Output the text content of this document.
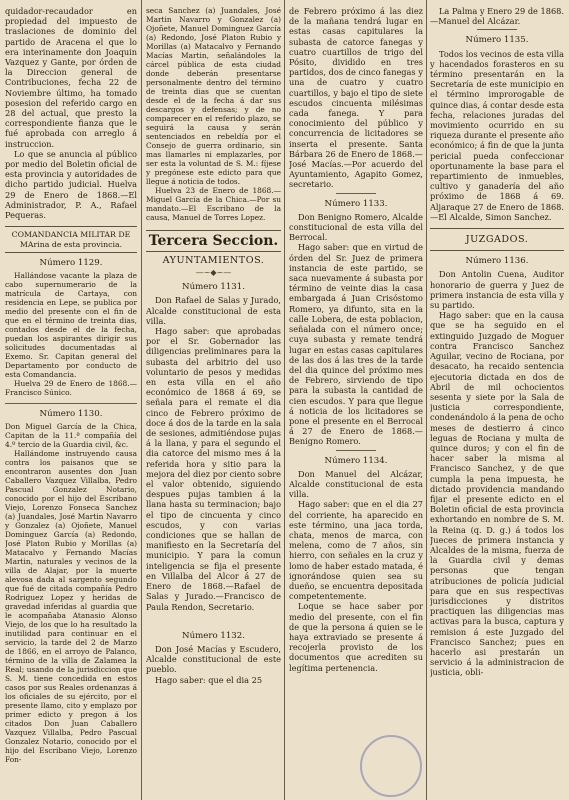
quidador-recaudador en propiedad del impuesto de traslaciones de dominio del partido de Aracena el que lo era interinamente don Joaquin Vazquez y Gante, por órden de la Direccion general de Contribuciones, fecha 22 de Noviembre último, ha tomado posesion del referido cargo en 28 del actual, que presto la correspondiente fianza que le fué aprobada con arreglo á instruccion.

Lo que se anuncia al público por medio del Boletin oficial de esta provincia y autoridades de dicho partido judicial. Huelva 29 de Enero de 1868.—El Administrador, P. A., Rafael Pequeras.

COMANDANCIA MILITAR DE MArina de esta provincia.

Número 1129.

Hallándose vacante la plaza de cabo supernumerario de la matrícula de Cartaya, con residencia en Lepe, se publica por medio del presente con el fin de que en el término de treinta dias, contados desde el de la fecha, puedan los aspirantes dirigir sus solicitudes documentadas al Exemo. Sr. Capitan general del Departamento por conducto de esta Comandancia.

Huelva 29 de Enero de 1868.—Francisco Súnico.

Número 1130.

Don Miguel García de la Chica, Capitan de la 11.ª compañía del 4.º tercio de la Guardia civil, &c.

Hallándome instruyendo causa contra los paisanos que se encontraron ausentes don Juan Caballero Vazquez Villalba, Pedro Pascual Gonzalez Notario, conocido por el hijo del Escribano Viejo, Lorenzo Fonseca Sanchez (a) Juandales, José Martin Navarro y Gonzalez (a) Ojoñete, Manuel Dominguez García (a) Redondo, José Platon Rubio y Morillas (a) Matacalvo y Fernando Macías Martin, naturales y vecinos de la villa de Alajar, por la muerte alevosa dada al sargento segundo que fué de citada compañía Pedro Rodriguez Lopez y heridas de gravedad inferidas al guardia que le acompañaba Atanasio Alonso Viejo, de los que lo ha resultado la inutilidad para continuar en el servicio, la tarde del 2 de Marzo de 1866, en el arroyo de Palanco, término de la villa de Zalamea la Real; usando de la jurisdiccion que S. M. tiene concedida en estos casos por sus Reales ordenanzas á los oficiales de su ejército, por el presente llamo, cito y emplazo por primer edicto y pregon á los citados Don Juan Caballero Vazquez Villalba, Pedro Pascual Gonzalez Notario, conocido por el hijo del Escribano Viejo, Lorenzo Fon-

seca Sanchez (a) Juandales, José Martin Navarro y Gonzalez (a) Ojoñete, Manuel Dominguez García (a) Redondo, José Platon Rubio y Morillas (a) Matacalvo y Fernando Macías Martin, señalándoles la cárcel pública de esta ciudad donde deberán presentarse personalmente dentro del término de treinta dias que se cuentan desde el de la fecha á dar sus descargos y defensas; y de no comparecer en el referido plazo, se seguirá la causa y serán sentenciados en rebeldía por el Consejo de guerra ordinario, sin mas llamarles ni emplazarles, por ser esta la voluntad de S. M.: fíjese y pregónese este edicto para que llegue á noticia de todos.

Huelva 23 de Enero de 1868.—Miguel García de la Chica.—Por su mandato.—El Escribano de la causa, Manuel de Torres Lopez.

Tercera Seccion.
AYUNTAMIENTOS.
—∼◆∼—

Número 1131.

Don Rafael de Salas y Jurado, Alcalde constitucional de esta villa.

Hago saber: que aprobadas por el Sr. Gobernador las diligencias preliminares para la subasta del arbitrio del uso voluntario de pesos y medidas en esta villa en el año económico de 1868 á 69, se señala para el remate el dia cinco de Febrero próximo de doce á dos de la tarde en la sala de sesiones, admitiéndose pujas á la llana, y para el segundo el dia catorce del mismo mes á la referida hora y sitio para la mejora del diez por ciento sobre el valor obtenido, siguiendo despues pujas tambien á la llana hasta su terminacion; bajo el tipo de cincuenta y cinco escudos, y con varias condiciones que se hallan de manifiesto en la Secretaría del municipio. Y para la comun inteligencia se fija el presente en Villalba del Alcor á 27 de Enero de 1868.—Rafael de Salas y Jurado.—Francisco de Paula Rendon, Secretario.

Número 1132.

Don José Macías y Escudero, Alcalde constitucional de este pueblo.

Hago saber: que el dia 25

de Febrero próximo á las diez de la mañana tendrá lugar en estas casas capitulares la subasta de catorce fanegas y cuatro cuartillos de trigo del Pósito, dividido en tres partidos, dos de cinco fanegas y una de cuatro y cuatro cuartillos, y bajo el tipo de siete escudos cincuenta milésimas cada fanega. Y para conocimiento del público y concurrencia de licitadores se inserta el presente. Santa Bárbara 26 de Enero de 1868.—José Macías.—Por acuerdo del Ayuntamiento, Agapito Gomez, secretario.

Número 1133.

Don Benigno Romero, Alcalde constitucional de esta villa del Berrocal.

Hago saber: que en virtud de órden del Sr. Juez de primera instancia de este partido, se saca nuevamente á subasta por término de veinte dias la casa embargada á Juan Crisóstomo Romero, ya difunto, sita en la calle Lobera, de esta poblacion, señalada con el número once; cuya subasta y remate tendrá lugar en estas casas capitulares de las dos á las tres de la tarde del dia quince del próximo mes de Febrero, sirviendo de tipo para la subasta la cantidad de cien escudos. Y para que llegue á noticia de los licitadores se pone el presente en el Berrocal á 27 de Enero de 1868.—Benigno Romero.

Número 1134.

Don Manuel del Alcázar, Alcalde constitucional de esta villa.

Hago saber: que en el dia 27 del corriente, ha aparecido en este término, una jaca torda, chata, menos de marca, con melena, como de 7 años, sin hierro, con señales en la cruz y lomo de haber estado matada, é ignorándose quien sea su dueño, se encuentra depositada competentemente.

Loque se hace saber por medio del presente, con el fin de que la persona á quien se le haya extraviado se presente á recojerla provisto de los documentos que acrediten su legítima pertenencia.

La Palma y Enero 29 de 1868.—Manuel del Alcázar.

Número 1135.

Todos los vecinos de esta villa y hacendados forasteros en su término presentarán en la Secretaría de este municipio en el término improrogable de quince dias, á contar desde esta fecha, relaciones juradas del movimiento ocurrido en su riqueza durante el presente año económico; á fin de que la junta pericial pueda confeccionar oportunamente la base para el repartimiento de inmuebles, cultivo y ganadería del año próximo de 1868 á 69. Aljaraque 27 de Enero de 1868.—El Alcalde, Simon Sanchez.

JUZGADOS.

Número 1136.

Don Antolin Cuena, Auditor honorario de guerra y Juez de primera instancia de esta villa y su partido.

Hago saber: que en la causa que se ha seguido en el extinguido Juzgado de Moguer contra Francisco Sanchez Aguilar, vecino de Rociana, por desacato, ha recaido sentencia ejecutoria dictada en dos de Abril de mil ochocientos sesenta y siete por la Sala de justicia correspondiente, condenándolo á la pena de ocho meses de destierro á cinco leguas de Rociana y multa de quince duros; y con el fin de hacer saber la misma al Francisco Sanchez, y de que cumpla la pena impuesta, he dictado providencia mandando fijar el presente edicto en el Boletin oficial de esta provincia exhortando en nombre de S. M. la Reina (q. D. g.) á todos los Jueces de primera instancia y Alcaldes de la misma, fuerza de la Guardia civil y demas personas que tengan atribuciones de policía judicial para que en sus respectivas jurisdicciones y distritos practiquen las diligencias mas activas para la busca, captura y remision á este Juzgado del Francisco Sanchez; pues en hacerlo asi prestarán un servicio á la administracion de justicia, obli-
